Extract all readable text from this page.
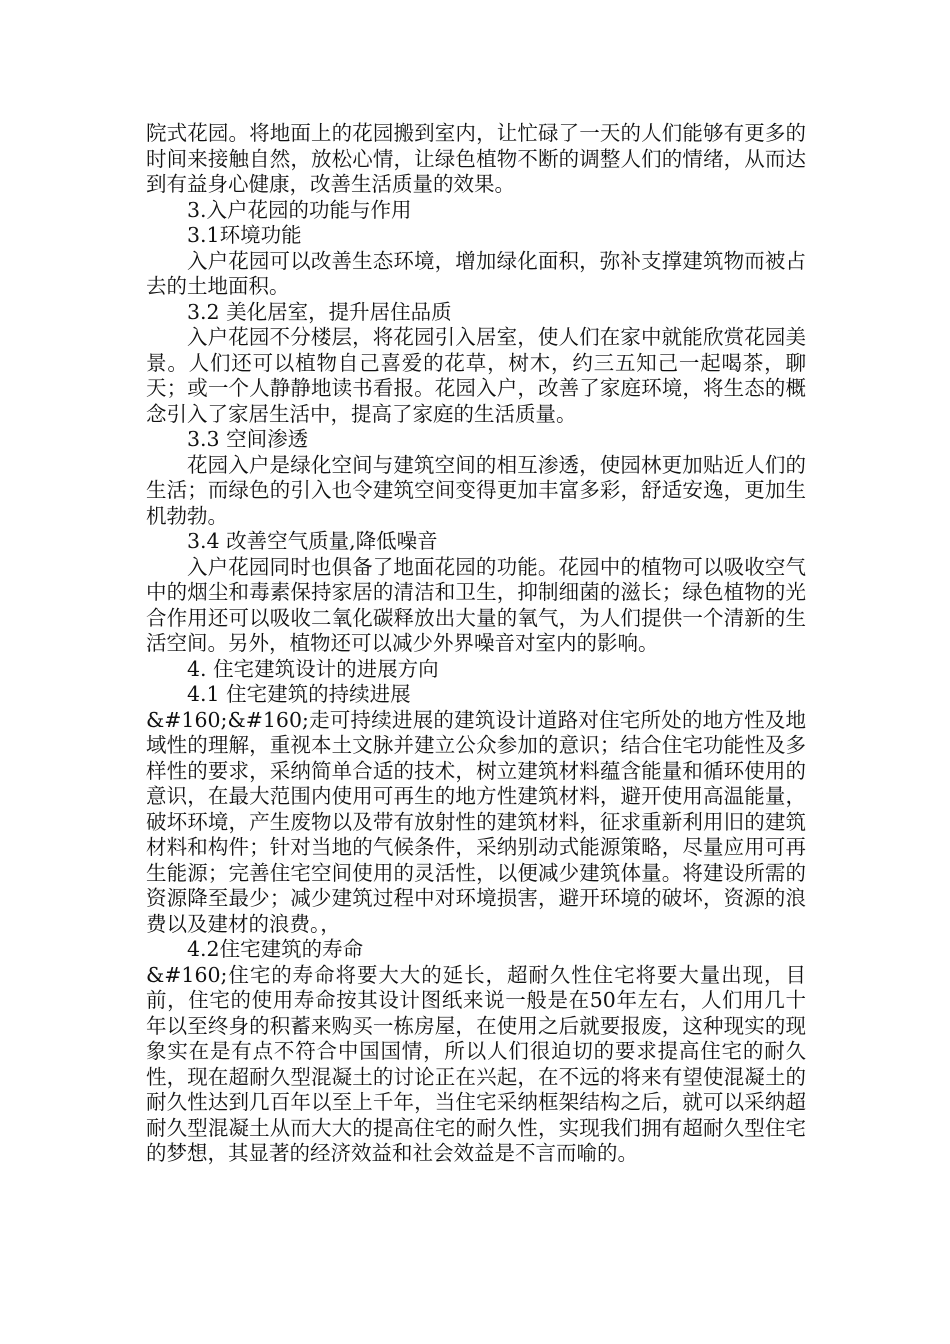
院式花园。将地面上的花园搬到室内，让忙碌了一天的人们能够有更多的时间来接触自然，放松心情，让绿色植物不断的调整人们的情绪，从而达到有益身心健康，改善生活质量的效果。

3.入户花园的功能与作用

3.1环境功能

入户花园可以改善生态环境，增加绿化面积，弥补支撑建筑物而被占去的土地面积。

3.2 美化居室，提升居住品质

入户花园不分楼层，将花园引入居室，使人们在家中就能欣赏花园美景。人们还可以植物自己喜爱的花草，树木，约三五知己一起喝茶，聊天；或一个人静静地读书看报。花园入户，改善了家庭环境，将生态的概念引入了家居生活中，提高了家庭的生活质量。

3.3 空间渗透

花园入户是绿化空间与建筑空间的相互渗透，使园林更加贴近人们的生活；而绿色的引入也令建筑空间变得更加丰富多彩，舒适安逸，更加生机勃勃。

3.4 改善空气质量,降低噪音

入户花园同时也俱备了地面花园的功能。花园中的植物可以吸收空气中的烟尘和毒素保持家居的清洁和卫生，抑制细菌的滋长；绿色植物的光合作用还可以吸收二氧化碳释放出大量的氧气，为人们提供一个清新的生活空间。另外，植物还可以减少外界噪音对室内的影响。

4. 住宅建筑设计的进展方向

4.1 住宅建筑的持续进展

&#160;&#160;走可持续进展的建筑设计道路对住宅所处的地方性及地域性的理解，重视本土文脉并建立公众参加的意识；结合住宅功能性及多样性的要求，采纳简单合适的技术，树立建筑材料蕴含能量和循环使用的意识，在最大范围内使用可再生的地方性建筑材料，避开使用高温能量，破坏环境，产生废物以及带有放射性的建筑材料，征求重新利用旧的建筑材料和构件；针对当地的气候条件，采纳别动式能源策略，尽量应用可再生能源；完善住宅空间使用的灵活性，以便减少建筑体量。将建设所需的资源降至最少；减少建筑过程中对环境损害，避开环境的破坏，资源的浪费以及建材的浪费。，

4.2住宅建筑的寿命

&#160;住宅的寿命将要大大的延长，超耐久性住宅将要大量出现，目前，住宅的使用寿命按其设计图纸来说一般是在50年左右，人们用几十年以至终身的积蓄来购买一栋房屋，在使用之后就要报废，这种现实的现象实在是有点不符合中国国情，所以人们很迫切的要求提高住宅的耐久性，现在超耐久型混凝土的讨论正在兴起，在不远的将来有望使混凝土的耐久性达到几百年以至上千年，当住宅采纳框架结构之后，就可以采纳超耐久型混凝土从而大大的提高住宅的耐久性，实现我们拥有超耐久型住宅的梦想，其显著的经济效益和社会效益是不言而喻的。
